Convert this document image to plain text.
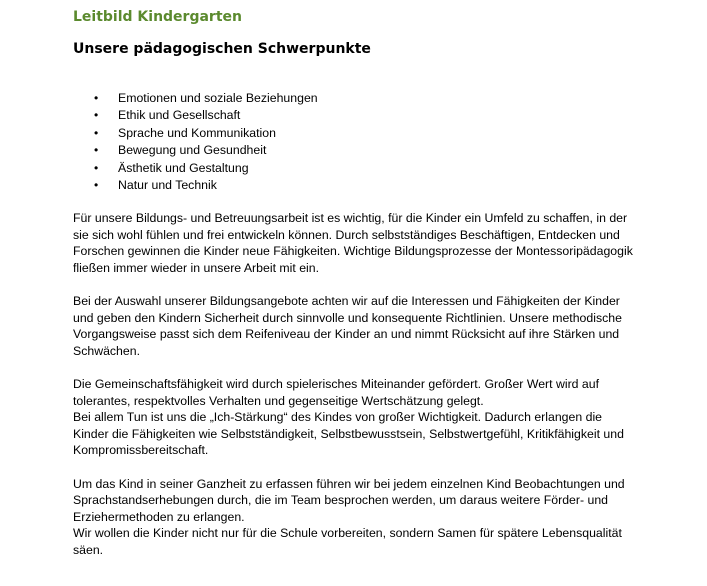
Leitbild Kindergarten
Unsere pädagogischen Schwerpunkte
• Emotionen und soziale Beziehungen
• Ethik und Gesellschaft
• Sprache und Kommunikation
• Bewegung und Gesundheit
• Ästhetik und Gestaltung
• Natur und Technik

Für unsere Bildungs- und Betreuungsarbeit ist es wichtig, für die Kinder ein Umfeld zu schaffen, in der
sie sich wohl fühlen und frei entwickeln können. Durch selbstständiges Beschäftigen, Entdecken und
Forschen gewinnen die Kinder neue Fähigkeiten. Wichtige Bildungsprozesse der Montessoripädagogik
fließen immer wieder in unsere Arbeit mit ein.

Bei der Auswahl unserer Bildungsangebote achten wir auf die Interessen und Fähigkeiten der Kinder
und geben den Kindern Sicherheit durch sinnvolle und konsequente Richtlinien. Unsere methodische
Vorgangsweise passt sich dem Reifeniveau der Kinder an und nimmt Rücksicht auf ihre Stärken und
Schwächen.

Die Gemeinschaftsfähigkeit wird durch spielerisches Miteinander gefördert. Großer Wert wird auf
tolerantes, respektvolles Verhalten und gegenseitige Wertschätzung gelegt.
Bei allem Tun ist uns die „Ich-Stärkung“ des Kindes von großer Wichtigkeit. Dadurch erlangen die
Kinder die Fähigkeiten wie Selbstständigkeit, Selbstbewusstsein, Selbstwertgefühl, Kritikfähigkeit und
Kompromissbereitschaft.

Um das Kind in seiner Ganzheit zu erfassen führen wir bei jedem einzelnen Kind Beobachtungen und
Sprachstandserhebungen durch, die im Team besprochen werden, um daraus weitere Förder- und
Erziehermethoden zu erlangen.
Wir wollen die Kinder nicht nur für die Schule vorbereiten, sondern Samen für spätere Lebensqualität
säen.
